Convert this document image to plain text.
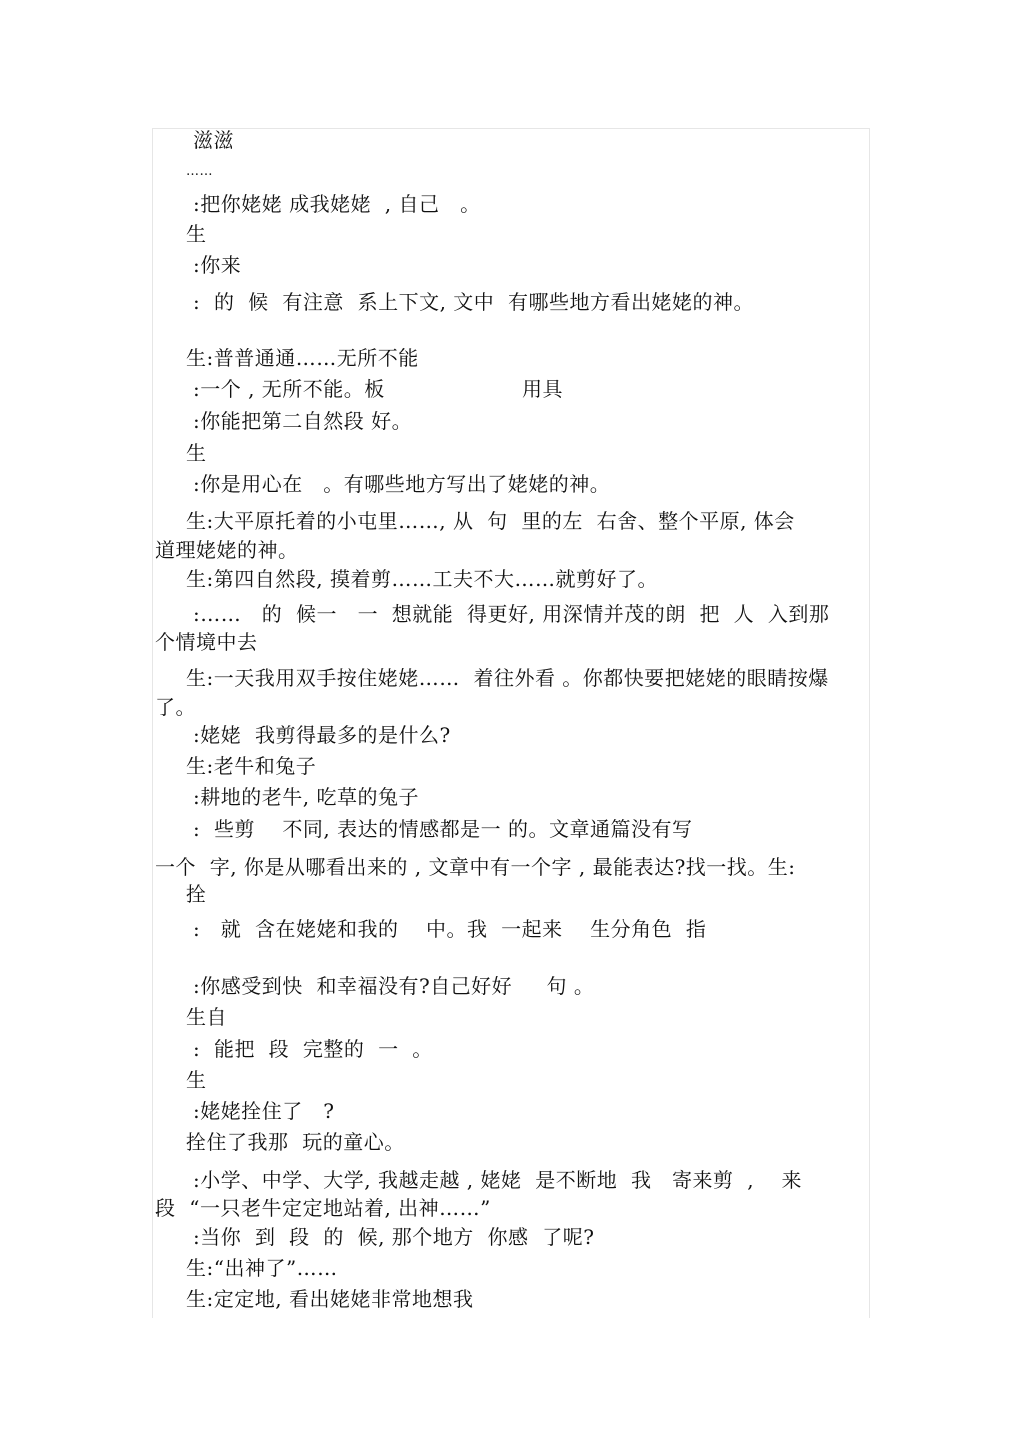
滋滋
……
:把你姥姥 成我姥姥  , 自己   。
生
:你来
:  的  候  有注意  系上下文, 文中  有哪些地方看出姥姥的神。
生:普普通通……无所不能
:一个 , 无所不能。板                    用具
:你能把第二自然段 好。
生
:你是用心在   。有哪些地方写出了姥姥的神。
生:大平原托着的小屯里……, 从  句  里的左  右舍、整个平原, 体会
道理姥姥的神。
生:第四自然段, 摸着剪……工夫不大……就剪好了。
:……   的  候一   一  想就能  得更好, 用深情并茂的朗  把  人  入到那
个情境中去
生:一天我用双手按住姥姥……  着往外看 。你都快要把姥姥的眼睛按爆
了。
:姥姥  我剪得最多的是什么?
生:老牛和兔子
:耕地的老牛, 吃草的兔子
:  些剪    不同, 表达的情感都是一 的。文章通篇没有写
一个  字, 你是从哪看出来的 , 文章中有一个字 , 最能表达?找一找。生:
拴
:   就  含在姥姥和我的    中。我  一起来    生分角色  指
:你感受到快  和幸福没有?自己好好     句 。
生自
:  能把  段  完整的  一  。
生
:姥姥拴住了   ?
拴住了我那  玩的童心。
:小学、中学、大学, 我越走越 , 姥姥  是不断地  我   寄来剪  ,    来
段  “一只老牛定定地站着, 出神……”
:当你  到  段  的  候, 那个地方  你感  了呢?
生:“出神了”……
生:定定地, 看出姥姥非常地想我
